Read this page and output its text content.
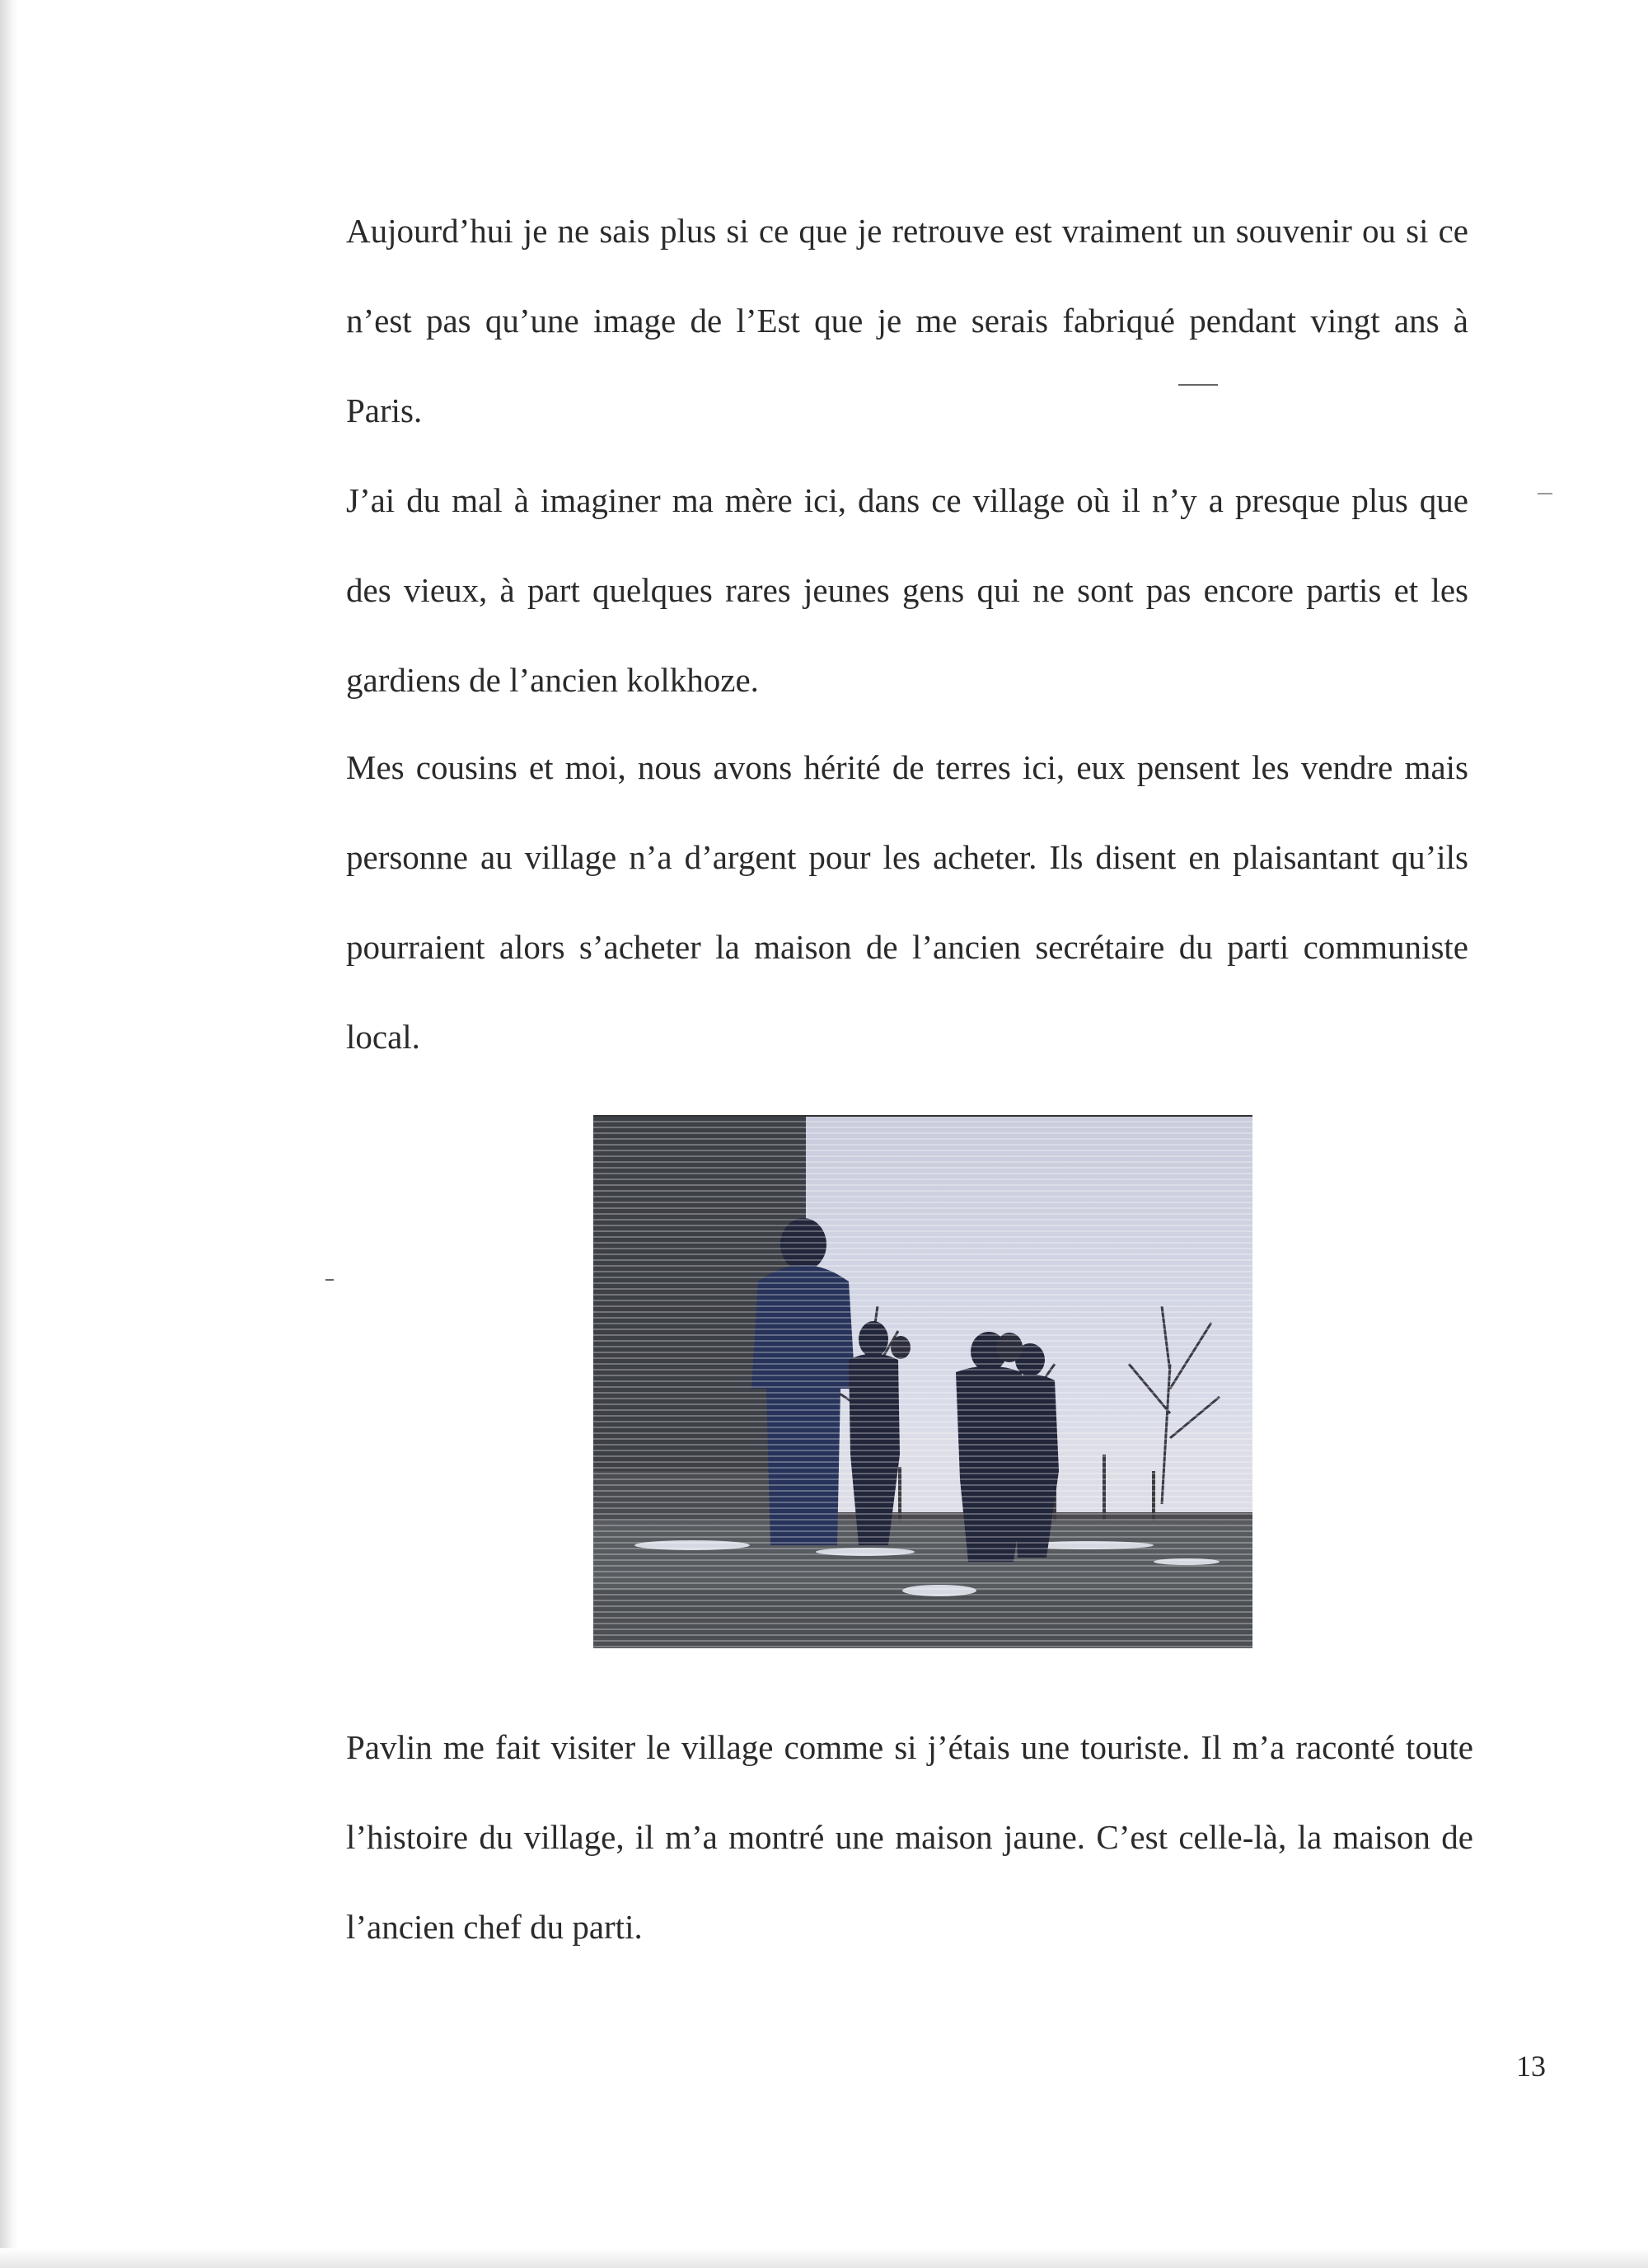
Aujourd’hui je ne sais plus si ce que je retrouve est vraiment un souvenir ou si ce n’est pas qu’une image de l’Est que je me serais fabriqué pendant vingt ans à Paris.

J’ai du mal à imaginer ma mère ici, dans ce village où il n’y a presque plus que des vieux, à part quelques rares jeunes gens qui ne sont pas encore partis et les gardiens de l’ancien kolkhoze.

Mes cousins et moi, nous avons hérité de terres ici, eux pensent les vendre mais personne au village n’a d’argent pour les acheter. Ils disent en plaisantant qu’ils pourraient alors s’acheter la maison de l’ancien secrétaire du parti communiste local.

Pavlin me fait visiter le village comme si j’étais une touriste. Il m’a raconté toute l’histoire du village, il m’a montré une maison jaune. C’est celle-là, la maison de l’ancien chef du parti.

13
